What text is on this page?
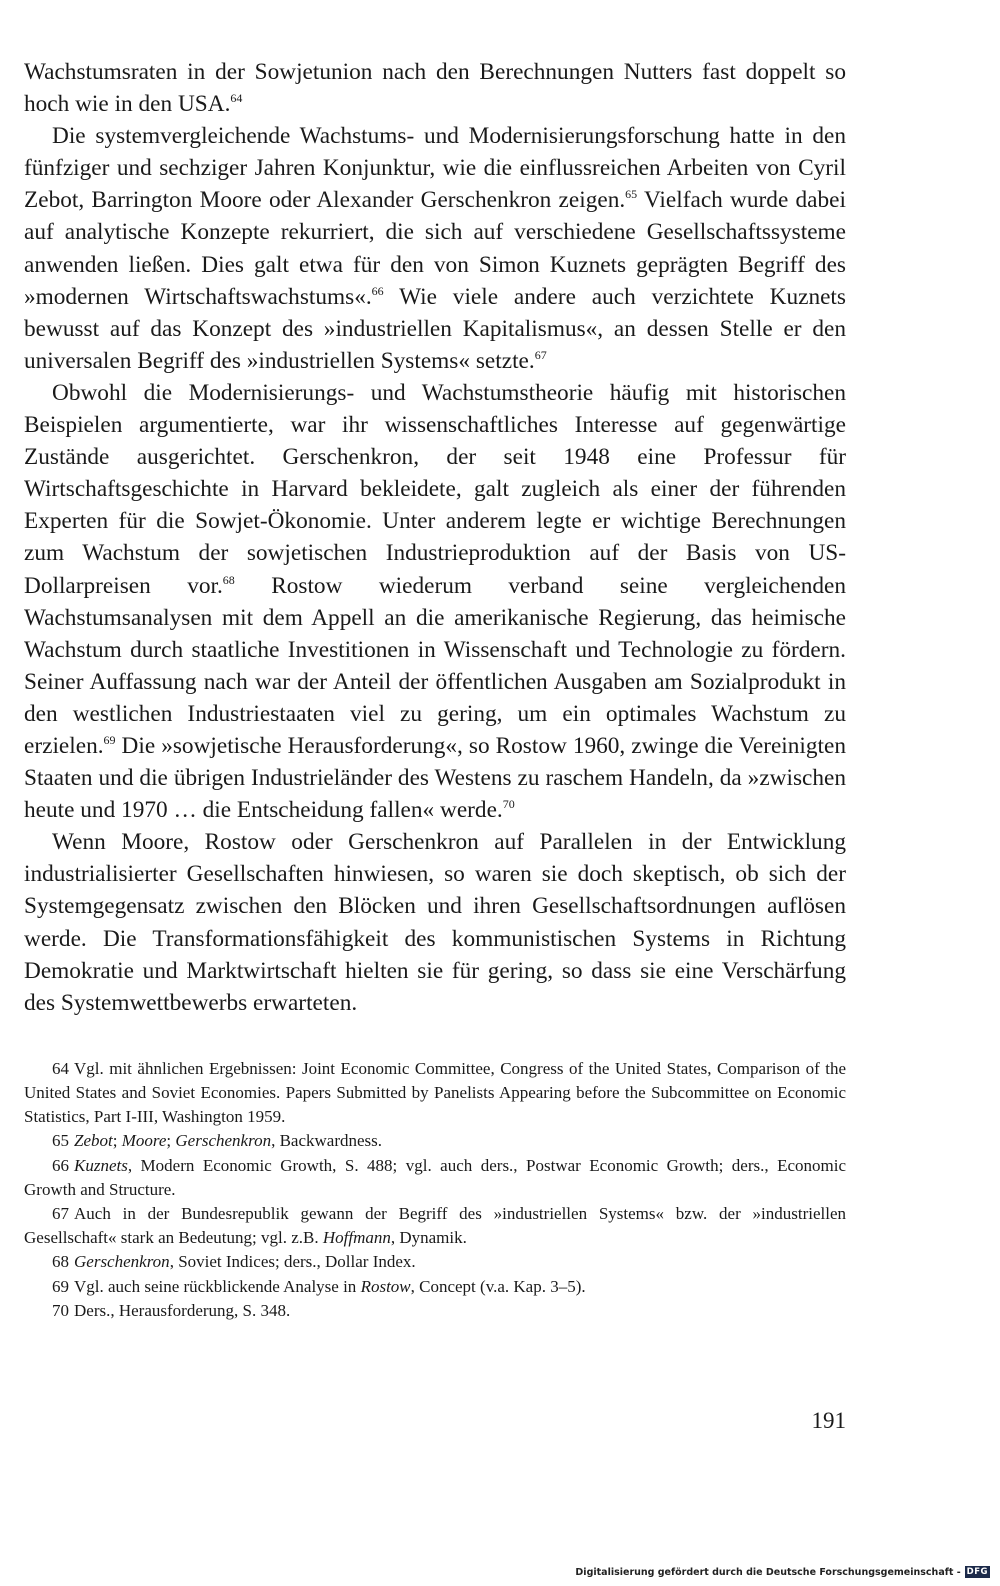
Wachstumsraten in der Sowjetunion nach den Berechnungen Nutters fast doppelt so hoch wie in den USA.$^{64}$

Die systemvergleichende Wachstums- und Modernisierungsforschung hatte in den fünfziger und sechziger Jahren Konjunktur, wie die einflussreichen Arbeiten von Cyril Zebot, Barrington Moore oder Alexander Gerschenkron zeigen.$^{65}$ Vielfach wurde dabei auf analytische Konzepte rekurriert, die sich auf verschiedene Gesellschaftssysteme anwenden ließen. Dies galt etwa für den von Simon Kuznets geprägten Begriff des »modernen Wirtschaftswachstums«.$^{66}$ Wie viele andere auch verzichtete Kuznets bewusst auf das Konzept des »industriellen Kapitalismus«, an dessen Stelle er den universalen Begriff des »industriellen Systems« setzte.$^{67}$

Obwohl die Modernisierungs- und Wachstumstheorie häufig mit historischen Beispielen argumentierte, war ihr wissenschaftliches Interesse auf gegenwärtige Zustände ausgerichtet. Gerschenkron, der seit 1948 eine Professur für Wirtschaftsgeschichte in Harvard bekleidete, galt zugleich als einer der führenden Experten für die Sowjet-Ökonomie. Unter anderem legte er wichtige Berechnungen zum Wachstum der sowjetischen Industrieproduktion auf der Basis von US-Dollarpreisen vor.$^{68}$ Rostow wiederum verband seine vergleichenden Wachstumsanalysen mit dem Appell an die amerikanische Regierung, das heimische Wachstum durch staatliche Investitionen in Wissenschaft und Technologie zu fördern. Seiner Auffassung nach war der Anteil der öffentlichen Ausgaben am Sozialprodukt in den westlichen Industriestaaten viel zu gering, um ein optimales Wachstum zu erzielen.$^{69}$ Die »sowjetische Herausforderung«, so Rostow 1960, zwinge die Vereinigten Staaten und die übrigen Industrieländer des Westens zu raschem Handeln, da »zwischen heute und 1970 … die Entscheidung fallen« werde.$^{70}$

Wenn Moore, Rostow oder Gerschenkron auf Parallelen in der Entwicklung industrialisierter Gesellschaften hinwiesen, so waren sie doch skeptisch, ob sich der Systemgegensatz zwischen den Blöcken und ihren Gesellschaftsordnungen auflösen werde. Die Transformationsfähigkeit des kommunistischen Systems in Richtung Demokratie und Marktwirtschaft hielten sie für gering, so dass sie eine Verschärfung des Systemwettbewerbs erwarteten.

64 Vgl. mit ähnlichen Ergebnissen: Joint Economic Committee, Congress of the United States, Comparison of the United States and Soviet Economies. Papers Submitted by Panelists Appearing before the Subcommittee on Economic Statistics, Part I-III, Washington 1959.

65 Zebot; Moore; Gerschenkron, Backwardness.

66 Kuznets, Modern Economic Growth, S. 488; vgl. auch ders., Postwar Economic Growth; ders., Economic Growth and Structure.

67 Auch in der Bundesrepublik gewann der Begriff des »industriellen Systems« bzw. der »industriellen Gesellschaft« stark an Bedeutung; vgl. z.B. Hoffmann, Dynamik.

68 Gerschenkron, Soviet Indices; ders., Dollar Index.

69 Vgl. auch seine rückblickende Analyse in Rostow, Concept (v.a. Kap. 3–5).

70 Ders., Herausforderung, S. 348.

191
Digitalisierung gefördert durch die Deutsche Forschungsgemeinschaft - DFG
